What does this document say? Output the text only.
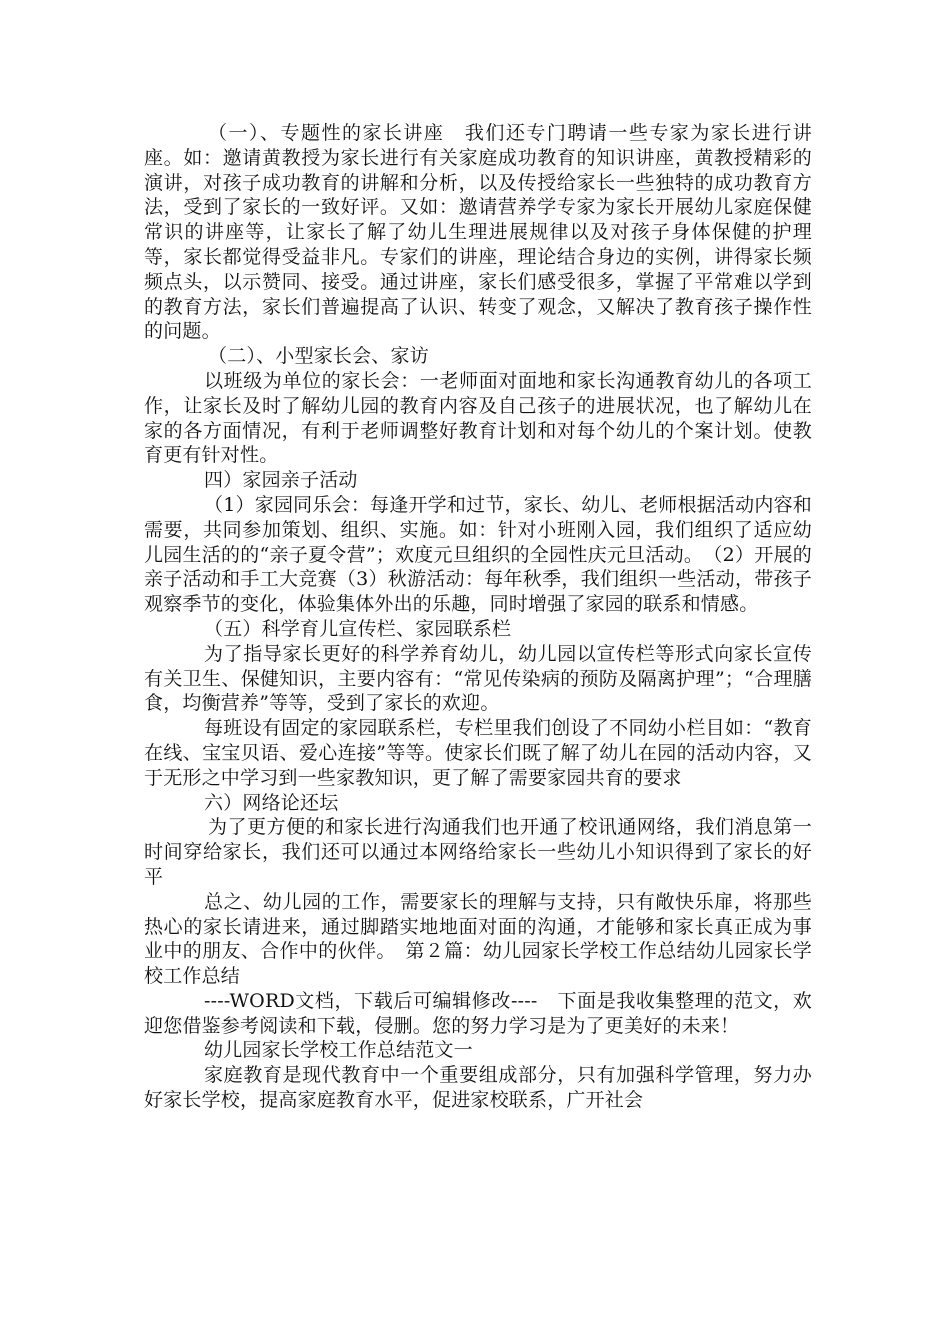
（一）、专题性的家长讲座　我们还专门聘请一些专家为家长进行讲座。如：邀请黄教授为家长进行有关家庭成功教育的知识讲座，黄教授精彩的演讲，对孩子成功教育的讲解和分析，以及传授给家长一些独特的成功教育方法，受到了家长的一致好评。又如：邀请营养学专家为家长开展幼儿家庭保健常识的讲座等，让家长了解了幼儿生理进展规律以及对孩子身体保健的护理等，家长都觉得受益非凡。专家们的讲座，理论结合身边的实例，讲得家长频频点头，以示赞同、接受。通过讲座，家长们感受很多，掌握了平常难以学到的教育方法，家长们普遍提高了认识、转变了观念，又解决了教育孩子操作性的问题。

（二）、小型家长会、家访

以班级为单位的家长会：一老师面对面地和家长沟通教育幼儿的各项工作，让家长及时了解幼儿园的教育内容及自己孩子的进展状况，也了解幼儿在家的各方面情况，有利于老师调整好教育计划和对每个幼儿的个案计划。使教育更有针对性。

四）家园亲子活动

（1）家园同乐会：每逢开学和过节，家长、幼儿、老师根据活动内容和需要，共同参加策划、组织、实施。如：针对小班刚入园，我们组织了适应幼儿园生活的的“亲子夏令营”；欢度元旦组织的全园性庆元旦活动。　（2）开展的亲子活动和手工大竞赛（3）秋游活动：每年秋季，我们组织一些活动，带孩子观察季节的变化，体验集体外出的乐趣，同时增强了家园的联系和情感。

（五）科学育儿宣传栏、家园联系栏

为了指导家长更好的科学养育幼儿，幼儿园以宣传栏等形式向家长宣传有关卫生、保健知识，主要内容有：“常见传染病的预防及隔离护理”；“合理膳食，均衡营养”等等，受到了家长的欢迎。

每班设有固定的家园联系栏，专栏里我们创设了不同幼小栏目如：“教育在线、宝宝贝语、爱心连接”等等。使家长们既了解了幼儿在园的活动内容，又于无形之中学习到一些家教知识，更了解了需要家园共育的要求

六）网络论还坛

为了更方便的和家长进行沟通我们也开通了校讯通网络，我们消息第一时间穿给家长，我们还可以通过本网络给家长一些幼儿小知识得到了家长的好平

总之、幼儿园的工作，需要家长的理解与支持，只有敞快乐扉，将那些热心的家长请进来，通过脚踏实地地面对面的沟通，才能够和家长真正成为事业中的朋友、合作中的伙伴。　第２篇：幼儿园家长学校工作总结幼儿园家长学校工作总结

----WORD文档，下载后可编辑修改----　下面是我收集整理的范文，欢迎您借鉴参考阅读和下载，侵删。您的努力学习是为了更美好的未来！

幼儿园家长学校工作总结范文一

家庭教育是现代教育中一个重要组成部分，只有加强科学管理，努力办好家长学校，提高家庭教育水平，促进家校联系，广开社会
